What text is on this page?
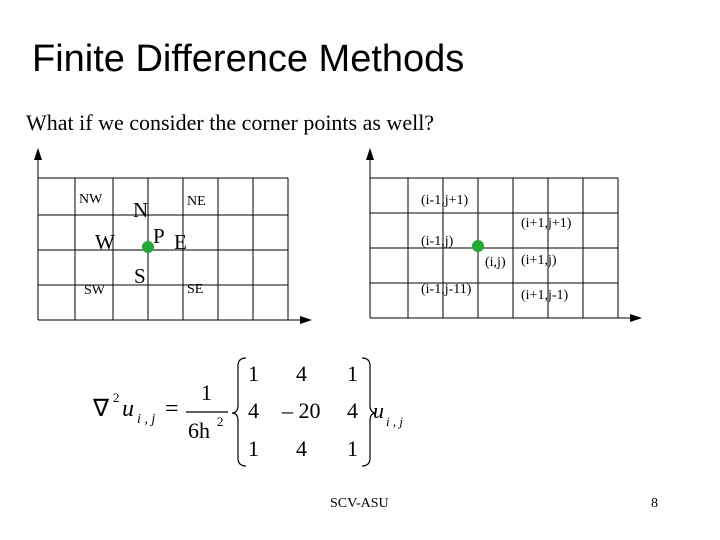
Finite Difference Methods
What if we consider the corner points as well?
NW N	NE
W P E
SW
S
SE
(i-1,j+1)
(i+1,j+1)
(i-1,j)
(i,j) (i+1,j)
(i-1,j-11)	(i+1,j-1)
∇ 2 u i , j =
1
6h 2
1 4 1
4 – 20 4
1 4 1
u i , j
SCV-ASU	8
